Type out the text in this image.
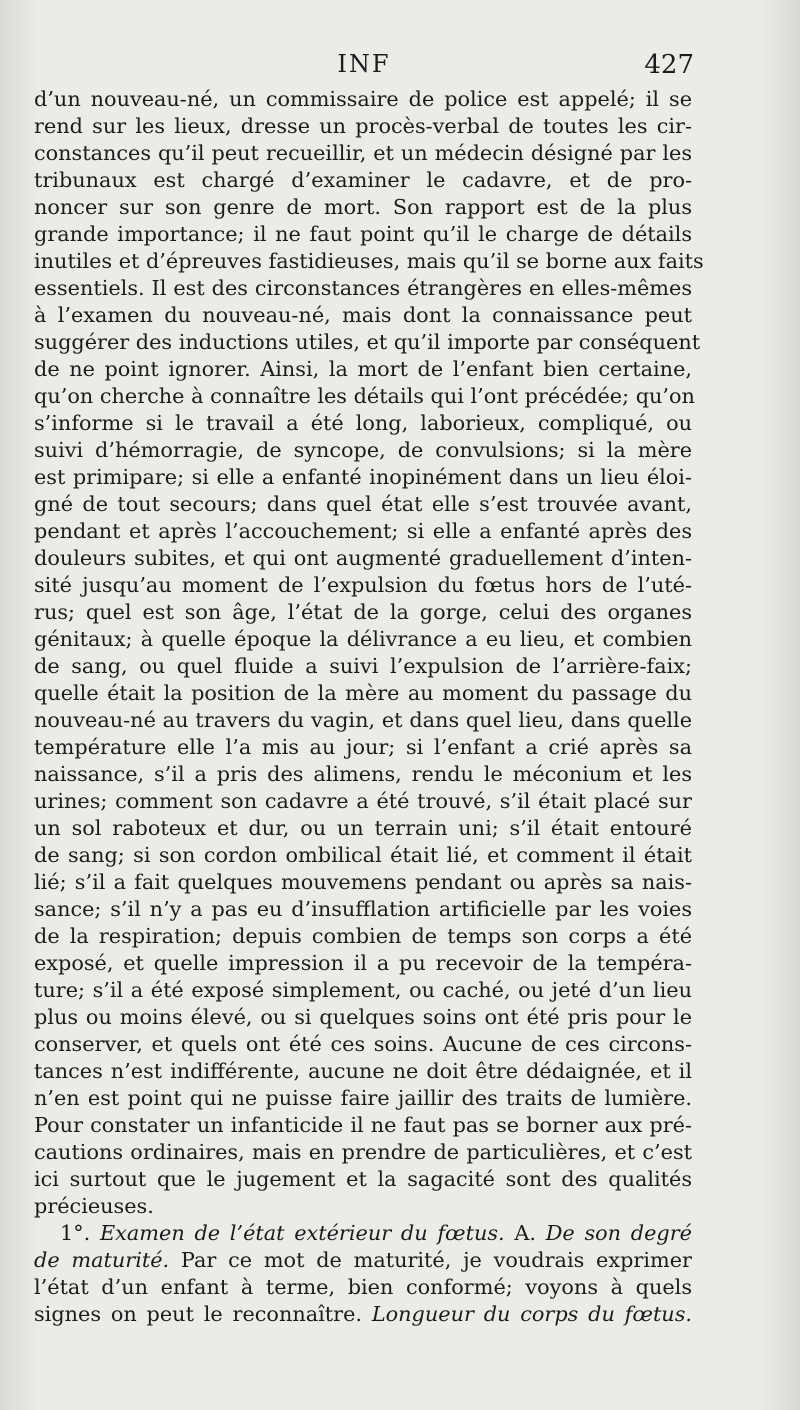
INF	427
d’un nouveau-né, un commissaire de police est appelé; il se
rend sur les lieux, dresse un procès-verbal de toutes les cir-
constances qu’il peut recueillir, et un médecin désigné par les
tribunaux est chargé d’examiner le cadavre, et de pro-
noncer sur son genre de mort. Son rapport est de la plus
grande importance; il ne faut point qu’il le charge de détails
inutiles et d’épreuves fastidieuses, mais qu’il se borne aux faits
essentiels. Il est des circonstances étrangères en elles-mêmes
à l’examen du nouveau-né, mais dont la connaissance peut
suggérer des inductions utiles, et qu’il importe par conséquent
de ne point ignorer. Ainsi, la mort de l’enfant bien certaine,
qu’on cherche à connaître les détails qui l’ont précédée; qu’on
s’informe si le travail a été long, laborieux, compliqué, ou
suivi d’hémorragie, de syncope, de convulsions; si la mère
est primipare; si elle a enfanté inopinément dans un lieu éloi-
gné de tout secours; dans quel état elle s’est trouvée avant,
pendant et après l’accouchement; si elle a enfanté après des
douleurs subites, et qui ont augmenté graduellement d’inten-
sité jusqu’au moment de l’expulsion du fœtus hors de l’uté-
rus; quel est son âge, l’état de la gorge, celui des organes
génitaux; à quelle époque la délivrance a eu lieu, et combien
de sang, ou quel fluide a suivi l’expulsion de l’arrière-faix;
quelle était la position de la mère au moment du passage du
nouveau-né au travers du vagin, et dans quel lieu, dans quelle
température elle l’a mis au jour; si l’enfant a crié après sa
naissance, s’il a pris des alimens, rendu le méconium et les
urines; comment son cadavre a été trouvé, s’il était placé sur
un sol raboteux et dur, ou un terrain uni; s’il était entouré
de sang; si son cordon ombilical était lié, et comment il était
lié; s’il a fait quelques mouvemens pendant ou après sa nais-
sance; s’il n’y a pas eu d’insufflation artificielle par les voies
de la respiration; depuis combien de temps son corps a été
exposé, et quelle impression il a pu recevoir de la tempéra-
ture; s’il a été exposé simplement, ou caché, ou jeté d’un lieu
plus ou moins élevé, ou si quelques soins ont été pris pour le
conserver, et quels ont été ces soins. Aucune de ces circons-
tances n’est indifférente, aucune ne doit être dédaignée, et il
n’en est point qui ne puisse faire jaillir des traits de lumière.
Pour constater un infanticide il ne faut pas se borner aux pré-
cautions ordinaires, mais en prendre de particulières, et c’est
ici surtout que le jugement et la sagacité sont des qualités
précieuses.
1°. Examen de l’état extérieur du fœtus. A. De son degré
de maturité. Par ce mot de maturité, je voudrais exprimer
l’état d’un enfant à terme, bien conformé; voyons à quels
signes on peut le reconnaître. Longueur du corps du fœtus.
